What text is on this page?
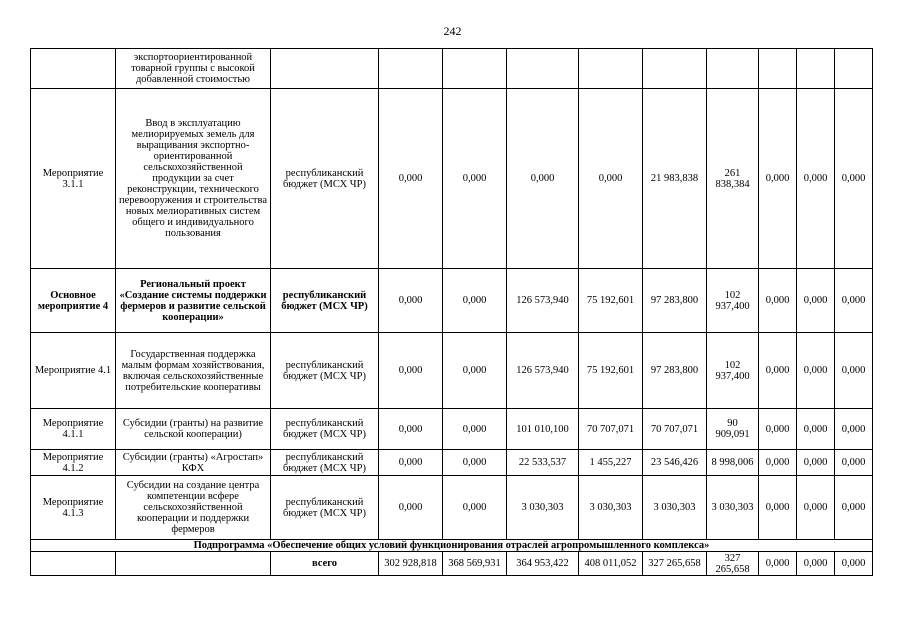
242
	экспортоориентированной товарной группы с высокой добавленной стоимостью										
Мероприятие 3.1.1	Ввод в эксплуатацию мелиорируемых земель для выращивания экспортно-ориентированной сельскохозяйственной продукции за счет реконструкции, технического перевооружения и строительства новых мелиоративных систем общего и индивидуального пользования	республиканский бюджет (МСХ ЧР)	0,000	0,000	0,000	0,000	21 983,838	261 838,384	0,000	0,000	0,000
Основное мероприятие 4	Региональный проект «Создание системы поддержки фермеров и развитие сельской кооперации»	республиканский бюджет (МСХ ЧР)	0,000	0,000	126 573,940	75 192,601	97 283,800	102 937,400	0,000	0,000	0,000
Мероприятие 4.1	Государственная поддержка малым формам хозяйствования, включая сельскохозяйственные потребительские кооперативы	республиканский бюджет (МСХ ЧР)	0,000	0,000	126 573,940	75 192,601	97 283,800	102 937,400	0,000	0,000	0,000
Мероприятие 4.1.1	Субсидии (гранты) на развитие сельской кооперации)	республиканский бюджет (МСХ ЧР)	0,000	0,000	101 010,100	70 707,071	70 707,071	90 909,091	0,000	0,000	0,000
Мероприятие 4.1.2	Субсидии (гранты) «Агростап» КФХ	республиканский бюджет (МСХ ЧР)	0,000	0,000	22 533,537	1 455,227	23 546,426	8 998,006	0,000	0,000	0,000
Мероприятие 4.1.3	Субсидии на создание центра компетенции всфере сельскохозяйственной кооперации и поддержки фермеров	республиканский бюджет (МСХ ЧР)	0,000	0,000	3 030,303	3 030,303	3 030,303	3 030,303	0,000	0,000	0,000
Подпрограмма «Обеспечение общих условий функционирования отраслей агропромышленного комплекса»											
		всего	302 928,818	368 569,931	364 953,422	408 011,052	327 265,658	327 265,658	0,000	0,000	0,000
